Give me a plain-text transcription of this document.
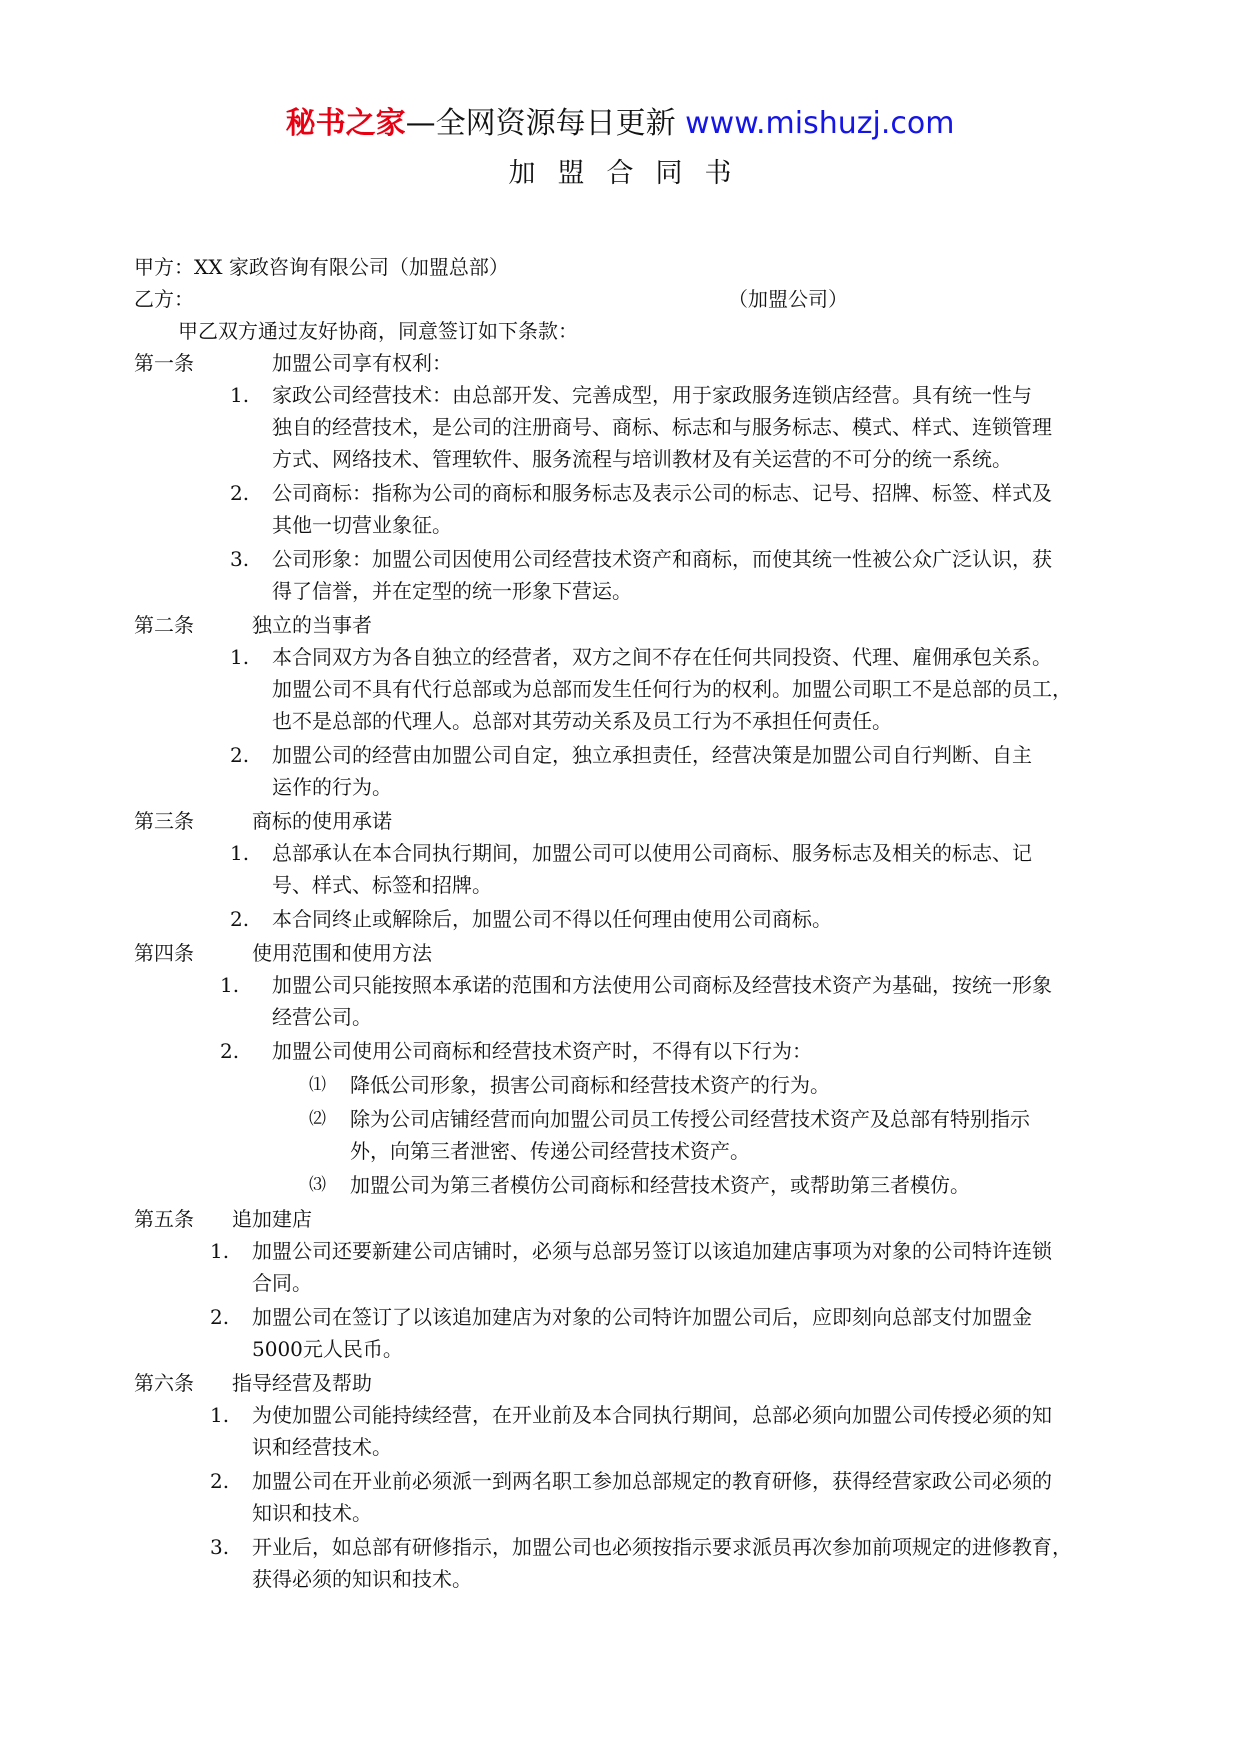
秘书之家—全网资源每日更新 www.mishuzj.com
加盟合同书
甲方：XX 家政咨询有限公司（加盟总部）
乙方：	（加盟公司）
甲乙双方通过友好协商，同意签订如下条款：
第一条	加盟公司享有权利：
1.	家政公司经营技术：由总部开发、完善成型，用于家政服务连锁店经营。具有统一性与
独自的经营技术，是公司的注册商号、商标、标志和与服务标志、模式、样式、连锁管理
方式、网络技术、管理软件、服务流程与培训教材及有关运营的不可分的统一系统。
2.	公司商标：指称为公司的商标和服务标志及表示公司的标志、记号、招牌、标签、样式及
其他一切营业象征。
3.	公司形象：加盟公司因使用公司经营技术资产和商标，而使其统一性被公众广泛认识，获
得了信誉，并在定型的统一形象下营运。
第二条	独立的当事者
1.	本合同双方为各自独立的经营者，双方之间不存在任何共同投资、代理、雇佣承包关系。
加盟公司不具有代行总部或为总部而发生任何行为的权利。加盟公司职工不是总部的员工，
也不是总部的代理人。总部对其劳动关系及员工行为不承担任何责任。
2.	加盟公司的经营由加盟公司自定，独立承担责任，经营决策是加盟公司自行判断、自主
运作的行为。
第三条	商标的使用承诺
1.	总部承认在本合同执行期间，加盟公司可以使用公司商标、服务标志及相关的标志、记
号、样式、标签和招牌。
2.	本合同终止或解除后，加盟公司不得以任何理由使用公司商标。
第四条	使用范围和使用方法
1.	加盟公司只能按照本承诺的范围和方法使用公司商标及经营技术资产为基础，按统一形象
经营公司。
2.	加盟公司使用公司商标和经营技术资产时，不得有以下行为：
⑴	降低公司形象，损害公司商标和经营技术资产的行为。
⑵	除为公司店铺经营而向加盟公司员工传授公司经营技术资产及总部有特别指示
外，向第三者泄密、传递公司经营技术资产。
⑶	加盟公司为第三者模仿公司商标和经营技术资产，或帮助第三者模仿。
第五条	追加建店
1.	加盟公司还要新建公司店铺时，必须与总部另签订以该追加建店事项为对象的公司特许连锁
合同。
2.	加盟公司在签订了以该追加建店为对象的公司特许加盟公司后，应即刻向总部支付加盟金
5000元人民币。
第六条	指导经营及帮助
1.	为使加盟公司能持续经营，在开业前及本合同执行期间，总部必须向加盟公司传授必须的知
识和经营技术。
2.	加盟公司在开业前必须派一到两名职工参加总部规定的教育研修，获得经营家政公司必须的
知识和技术。
3.	开业后，如总部有研修指示，加盟公司也必须按指示要求派员再次参加前项规定的进修教育，
获得必须的知识和技术。
